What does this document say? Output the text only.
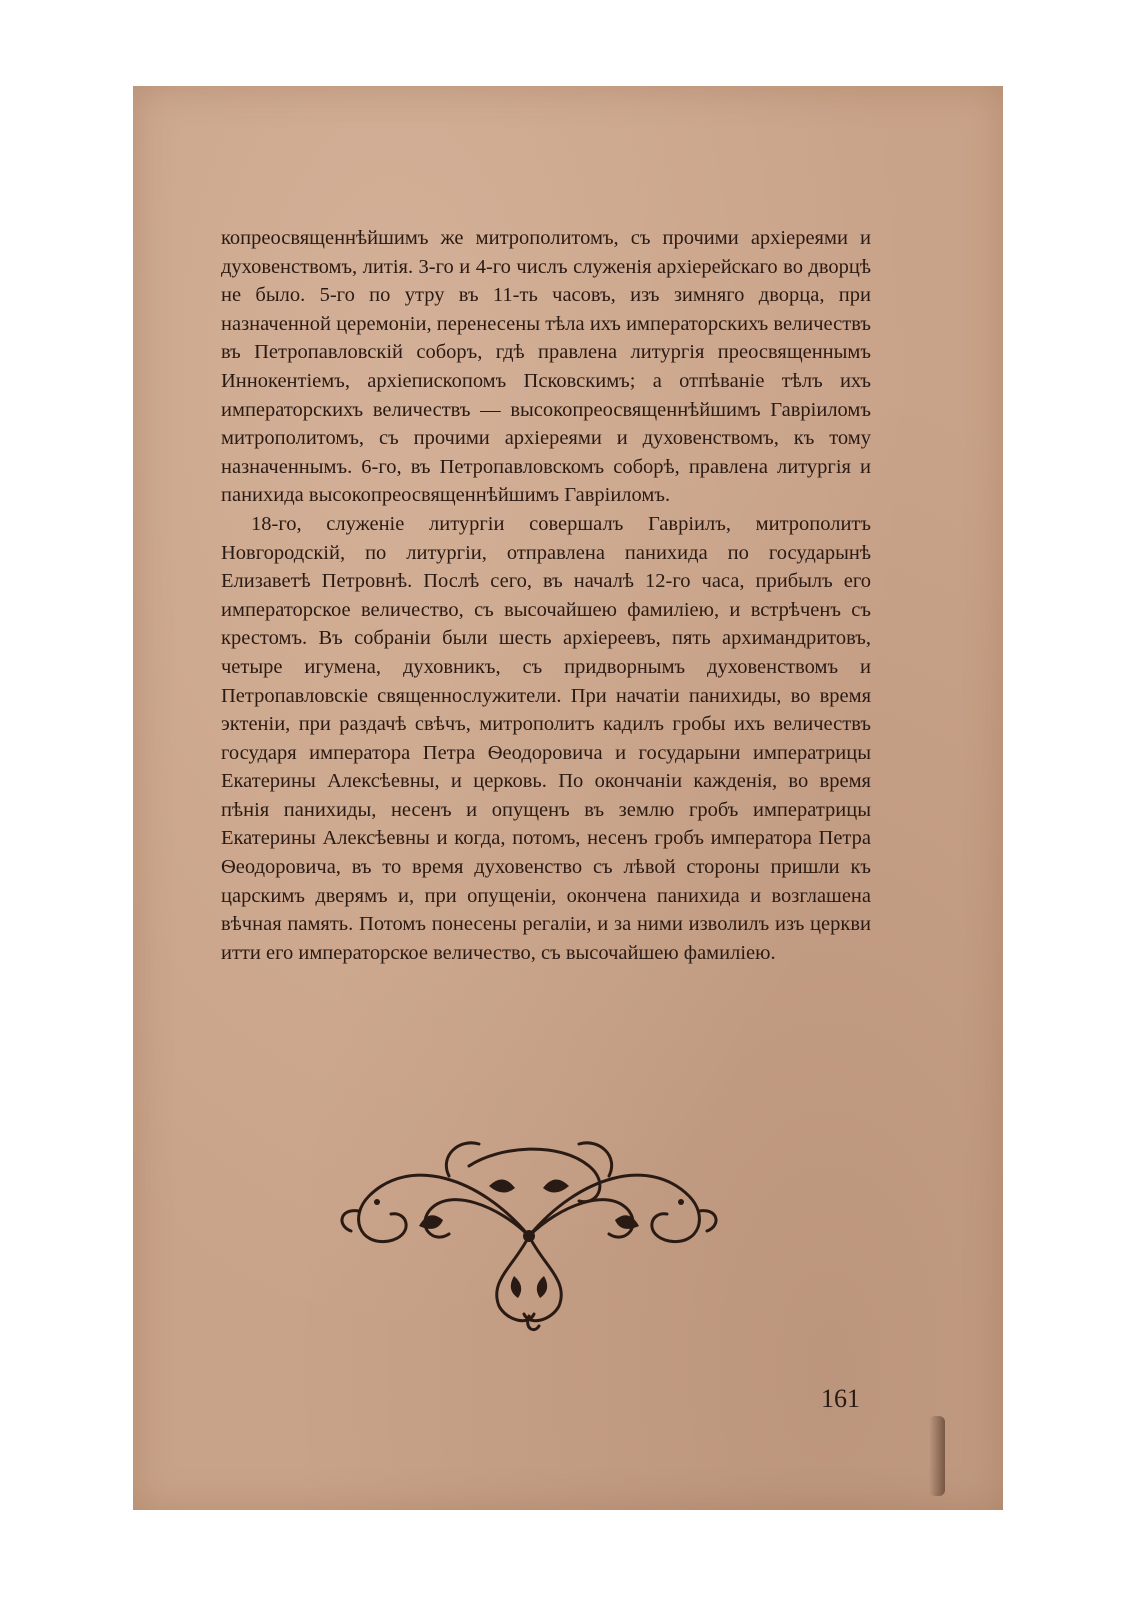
копреосвященнѣйшимъ же митрополитомъ, съ прочими архіереями и духовенствомъ, литія. 3-го и 4-го числъ служенія архіерейскаго во дворцѣ не было. 5-го по утру въ 11-ть часовъ, изъ зимняго дворца, при назначенной церемоніи, перенесены тѣла ихъ императорскихъ величествъ въ Петропавловскій соборъ, гдѣ правлена литургія преосвященнымъ Иннокентіемъ, архіепископомъ Псковскимъ; а отпѣваніе тѣлъ ихъ императорскихъ величествъ — высокопреосвященнѣйшимъ Гавріиломъ митрополитомъ, съ прочими архіереями и духовенствомъ, къ тому назначеннымъ. 6-го, въ Петропавловскомъ соборѣ, правлена литургія и панихида высокопреосвященнѣйшимъ Гавріиломъ.

18-го, служеніе литургіи совершалъ Гавріилъ, митрополитъ Новгородскій, по литургіи, отправлена панихида по государынѣ Елизаветѣ Петровнѣ. Послѣ сего, въ началѣ 12-го часа, прибылъ его императорское величество, съ высочайшею фамиліею, и встрѣченъ съ крестомъ. Въ собраніи были шесть архіереевъ, пять архимандритовъ, четыре игумена, духовникъ, съ придворнымъ духовенствомъ и Петропавловскіе священнослужители. При начатіи панихиды, во время эктеніи, при раздачѣ свѣчъ, митрополитъ кадилъ гробы ихъ величествъ государя императора Петра Ѳеодоровича и государыни императрицы Екатерины Алексѣевны, и церковь. По окончаніи кажденія, во время пѣнія панихиды, несенъ и опущенъ въ землю гробъ императрицы Екатерины Алексѣевны и когда, потомъ, несенъ гробъ императора Петра Ѳеодоровича, въ то время духовенство съ лѣвой стороны пришли къ царскимъ дверямъ и, при опущеніи, окончена панихида и возглашена вѣчная память. Потомъ понесены регаліи, и за ними изволилъ изъ церкви итти его императорское величество, съ высочайшею фамиліею.

161
